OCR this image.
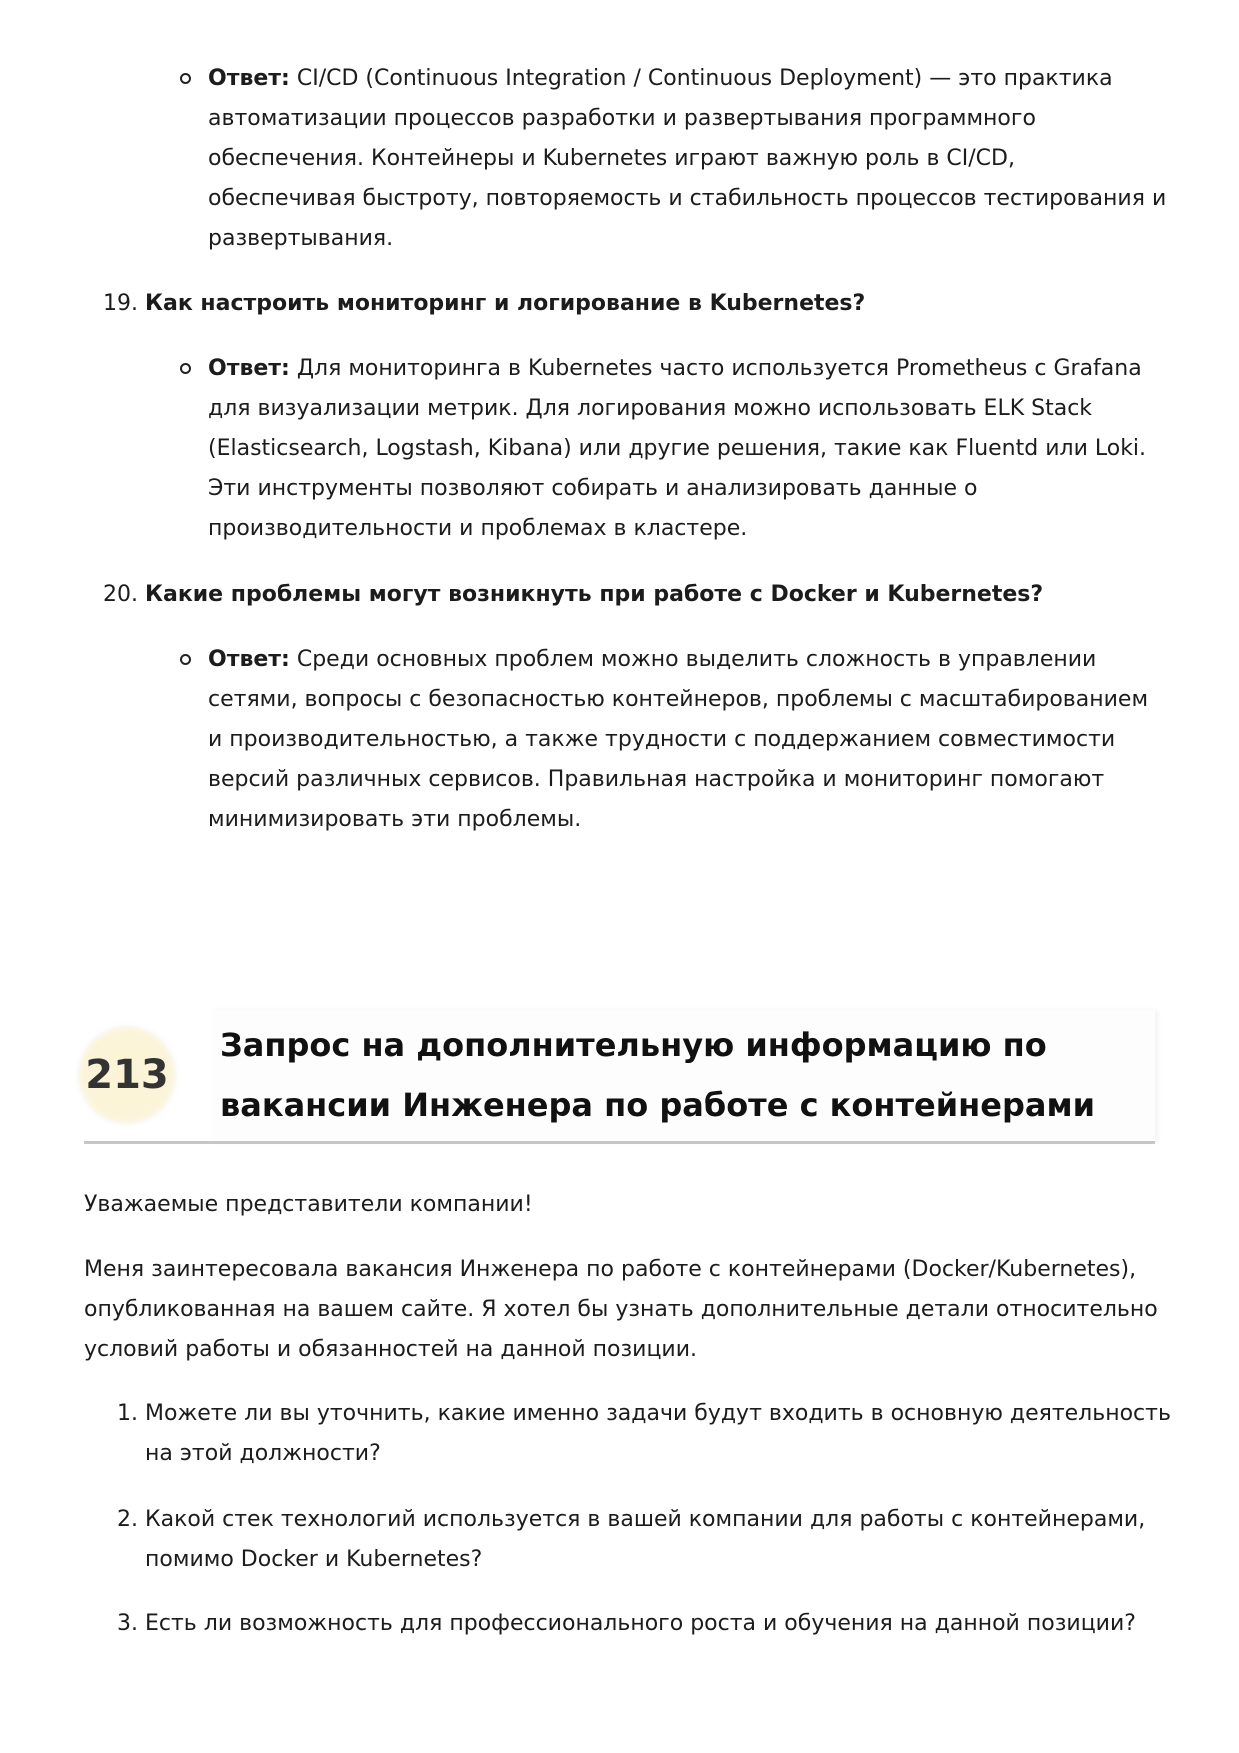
Ответ: CI/CD (Continuous Integration / Continuous Deployment) — это практика
автоматизации процессов разработки и развертывания программного
обеспечения. Контейнеры и Kubernetes играют важную роль в CI/CD,
обеспечивая быстроту, повторяемость и стабильность процессов тестирования и
развертывания.
19. Как настроить мониторинг и логирование в Kubernetes?
Ответ: Для мониторинга в Kubernetes часто используется Prometheus с Grafana
для визуализации метрик. Для логирования можно использовать ELK Stack
(Elasticsearch, Logstash, Kibana) или другие решения, такие как Fluentd или Loki.
Эти инструменты позволяют собирать и анализировать данные о
производительности и проблемах в кластере.
20. Какие проблемы могут возникнуть при работе с Docker и Kubernetes?
Ответ: Среди основных проблем можно выделить сложность в управлении
сетями, вопросы с безопасностью контейнеров, проблемы с масштабированием
и производительностью, а также трудности с поддержанием совместимости
версий различных сервисов. Правильная настройка и мониторинг помогают
минимизировать эти проблемы.
213
Запрос на дополнительную информацию по
вакансии Инженера по работе с контейнерами

Уважаемые представители компании!

Меня заинтересовала вакансия Инженера по работе с контейнерами (Docker/Kubernetes),
опубликованная на вашем сайте. Я хотел бы узнать дополнительные детали относительно
условий работы и обязанностей на данной позиции.
1. Можете ли вы уточнить, какие именно задачи будут входить в основную деятельность
на этой должности?
2. Какой стек технологий используется в вашей компании для работы с контейнерами,
помимо Docker и Kubernetes?
3. Есть ли возможность для профессионального роста и обучения на данной позиции?
